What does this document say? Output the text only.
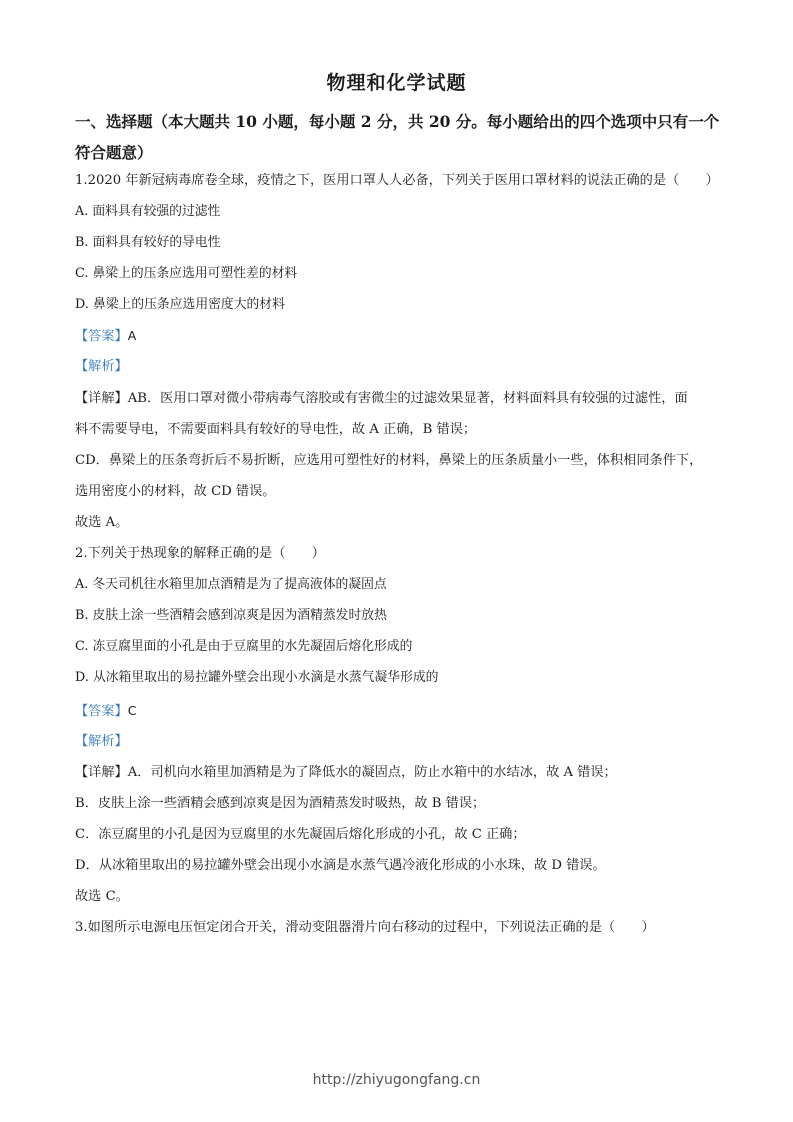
物理和化学试题
一、选择题（本大题共 10 小题，每小题 2 分，共 20 分。每小题给出的四个选项中只有一个
符合题意）
1.2020 年新冠病毒席卷全球，疫情之下，医用口罩人人必备，下列关于医用口罩材料的说法正确的是（　　）
A. 面料具有较强的过滤性
B. 面料具有较好的导电性
C. 鼻梁上的压条应选用可塑性差的材料
D. 鼻梁上的压条应选用密度大的材料
【答案】A
【解析】
【详解】AB．医用口罩对微小带病毒气溶胶或有害微尘的过滤效果显著，材料面料具有较强的过滤性，面
料不需要导电，不需要面料具有较好的导电性，故 A 正确，B 错误；
CD．鼻梁上的压条弯折后不易折断，应选用可塑性好的材料，鼻梁上的压条质量小一些，体积相同条件下，
选用密度小的材料，故 CD 错误。
故选 A。
2.下列关于热现象的解释正确的是（　　）
A. 冬天司机往水箱里加点酒精是为了提高液体的凝固点
B. 皮肤上涂一些酒精会感到凉爽是因为酒精蒸发时放热
C. 冻豆腐里面的小孔是由于豆腐里的水先凝固后熔化形成的
D. 从冰箱里取出的易拉罐外壁会出现小水滴是水蒸气凝华形成的
【答案】C
【解析】
【详解】A．司机向水箱里加酒精是为了降低水的凝固点，防止水箱中的水结冰，故 A 错误；
B．皮肤上涂一些酒精会感到凉爽是因为酒精蒸发时吸热，故 B 错误；
C．冻豆腐里的小孔是因为豆腐里的水先凝固后熔化形成的小孔，故 C 正确；
D．从冰箱里取出的易拉罐外壁会出现小水滴是水蒸气遇冷液化形成的小水珠，故 D 错误。
故选 C。
3.如图所示电源电压恒定闭合开关，滑动变阻器滑片向右移动的过程中，下列说法正确的是（　　）
http://zhiyugongfang.cn
